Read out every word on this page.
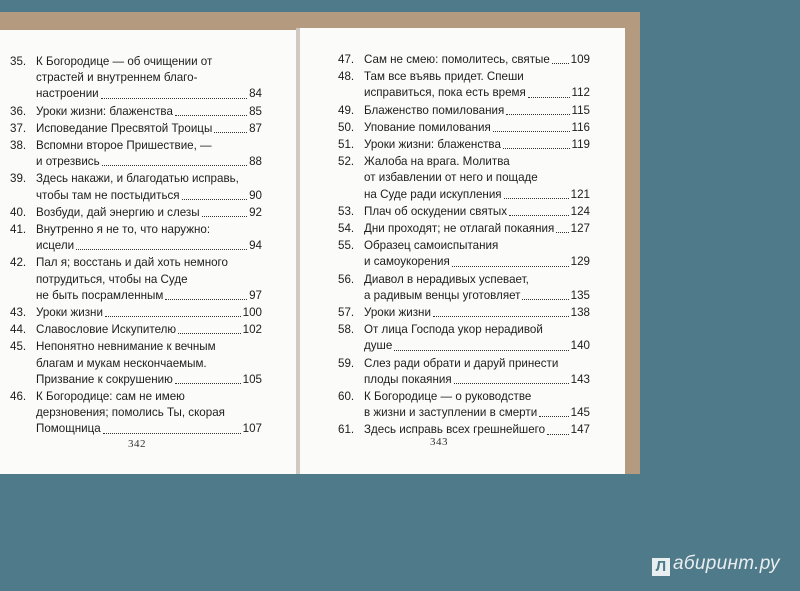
35. К Богородице — об очищении от
страстей и внутреннем благо-
настроении	84
36. Уроки жизни: блаженства	85
37. Исповедание Пресвятой Троицы	87
38. Вспомни второе Пришествие, —
и отрезвись	88
39. Здесь накажи, и благодатью исправь,
чтобы там не постыдиться	90
40. Возбуди, дай энергию и слезы	92
41. Внутренно я не то, что наружно:
исцели	94
42. Пал я; восстань и дай хоть немного
потрудиться, чтобы на Суде
не быть посрамленным	97
43. Уроки жизни	100
44. Славословие Искупителю	102
45. Непонятно невнимание к вечным
благам и мукам нескончаемым.
Призвание к сокрушению	105
46. К Богородице: сам не имею
дерзновения; помолись Ты, скорая
Помощница	107
342
47. Сам не смею: помолитесь, святые 109
48. Там все въявь придет. Спеши
исправиться, пока есть время	112
49. Блаженство помилования	115
50. Упование помилования	116
51. Уроки жизни: блаженства	119
52. Жалоба на врага. Молитва
от избавлении от него и пощаде
на Суде ради искупления	121
53. Плач об оскудении святых	124
54. Дни проходят; не отлагай покаяния 127
55. Образец самоиспытания
и самоукорения	129
56. Диавол в нерадивых успевает,
а радивым венцы уготовляет	135
57. Уроки жизни	138
58. От лица Господа укор нерадивой
душе	140
59. Слез ради обрати и даруй принести
плоды покаяния	143
60. К Богородице — о руководстве
в жизни и заступлении в смерти	145
61. Здесь исправь всех грешнейшего 147
343
Л абиринт.ру
